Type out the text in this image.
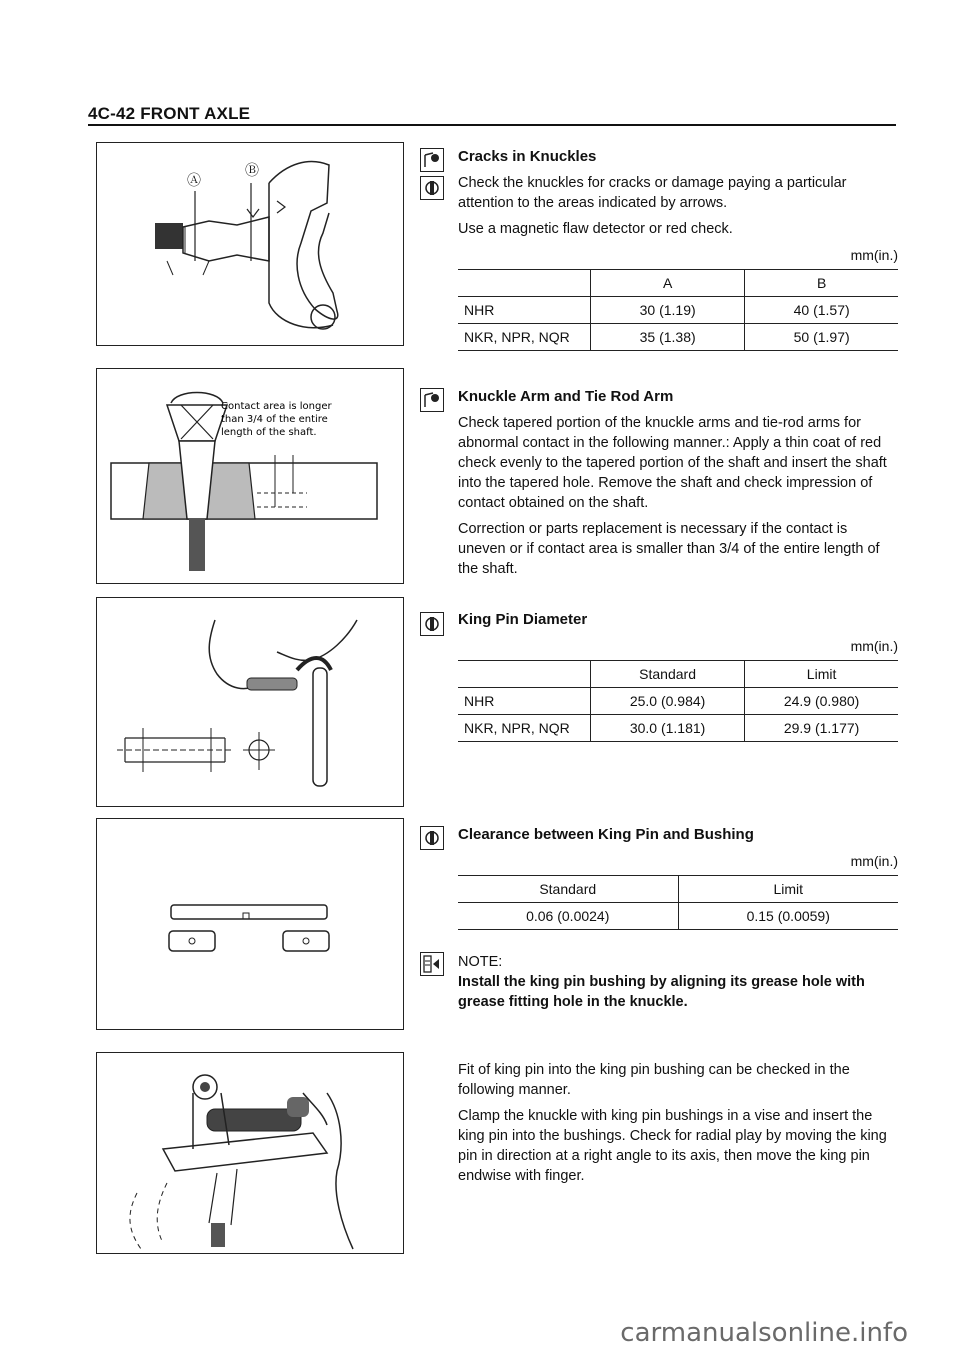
4C-42 FRONT AXLE
Ⓐ
Ⓑ
Contact area is longer than 3/4 of the entire length of the shaft.
Cracks in Knuckles

Check the knuckles for cracks or damage paying a particular attention to the areas indicated by arrows.

Use a magnetic flaw detector or red check.

mm(in.)
	A	B
NHR	30 (1.19)	40 (1.57)
NKR, NPR, NQR	35 (1.38)	50 (1.97)
Knuckle Arm and Tie Rod Arm

Check tapered portion of the knuckle arms and tie-rod arms for abnormal contact in the following manner.: Apply a thin coat of red check evenly to the tapered portion of the shaft and insert the shaft into the tapered hole. Remove the shaft and check impression of contact obtained on the shaft.

Correction or parts replacement is necessary if the contact is uneven or if contact area is smaller than 3/4 of the entire length of the shaft.

King Pin Diameter
mm(in.)
	Standard	Limit
NHR	25.0 (0.984)	24.9 (0.980)
NKR, NPR, NQR	30.0 (1.181)	29.9 (1.177)
Clearance between King Pin and Bushing
mm(in.)
Standard	Limit
0.06 (0.0024)	0.15 (0.0059)
NOTE:
Install the king pin bushing by aligning its grease hole with grease fitting hole in the knuckle.

Fit of king pin into the king pin bushing can be checked in the following manner.

Clamp the knuckle with king pin bushings in a vise and insert the king pin into the bushings. Check for radial play by moving the king pin in direction at a right angle to its axis, then move the king pin endwise with finger.

carmanualsonline.info
